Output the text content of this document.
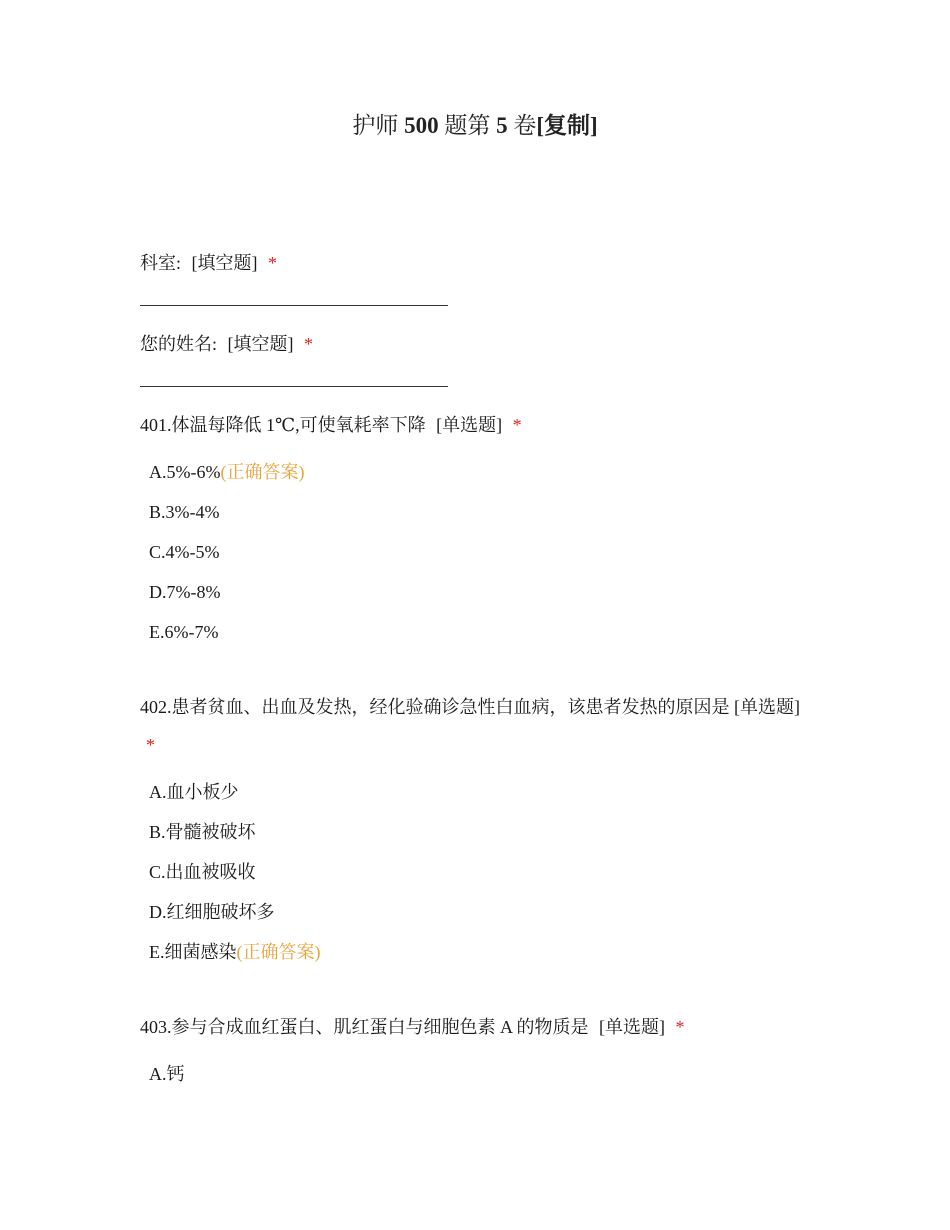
护师 500 题第 5 卷[复制]
科室: [填空题] *
您的姓名: [填空题] *
401.体温每降低 1℃,可使氧耗率下降 [单选题] *
A.5%-6%(正确答案)
B.3%-4%
C.4%-5%
D.7%-8%
E.6%-7%
402.患者贫血、出血及发热，经化验确诊急性白血病，该患者发热的原因是 [单选题] *
A.血小板少
B.骨髓被破坏
C.出血被吸收
D.红细胞破坏多
E.细菌感染(正确答案)
403.参与合成血红蛋白、肌红蛋白与细胞色素 A 的物质是 [单选题] *
A.钙
